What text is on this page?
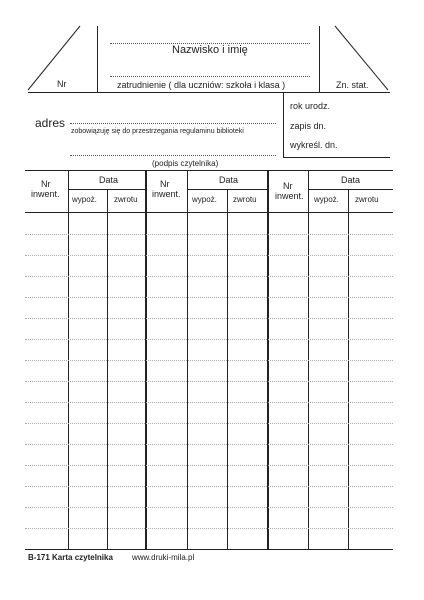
Nr
Nazwisko i imię
zatrudnienie ( dla uczniów: szkoła i klasa )	Zn. stat.
adres
zobowiązuję się do przestrzegania regulaminu biblioteki
(podpis czytelnika)
rok urodz.
zapis dn.
wykreśl. dn.
Nr
inwent.
Data
wypoż. zwrotu
Nr
inwent.
Data
wypoż. zwrotu
Nr
inwent.
Data
wypoż. zwrotu
B-171 Karta czytelnika www.druki-mila.pl
